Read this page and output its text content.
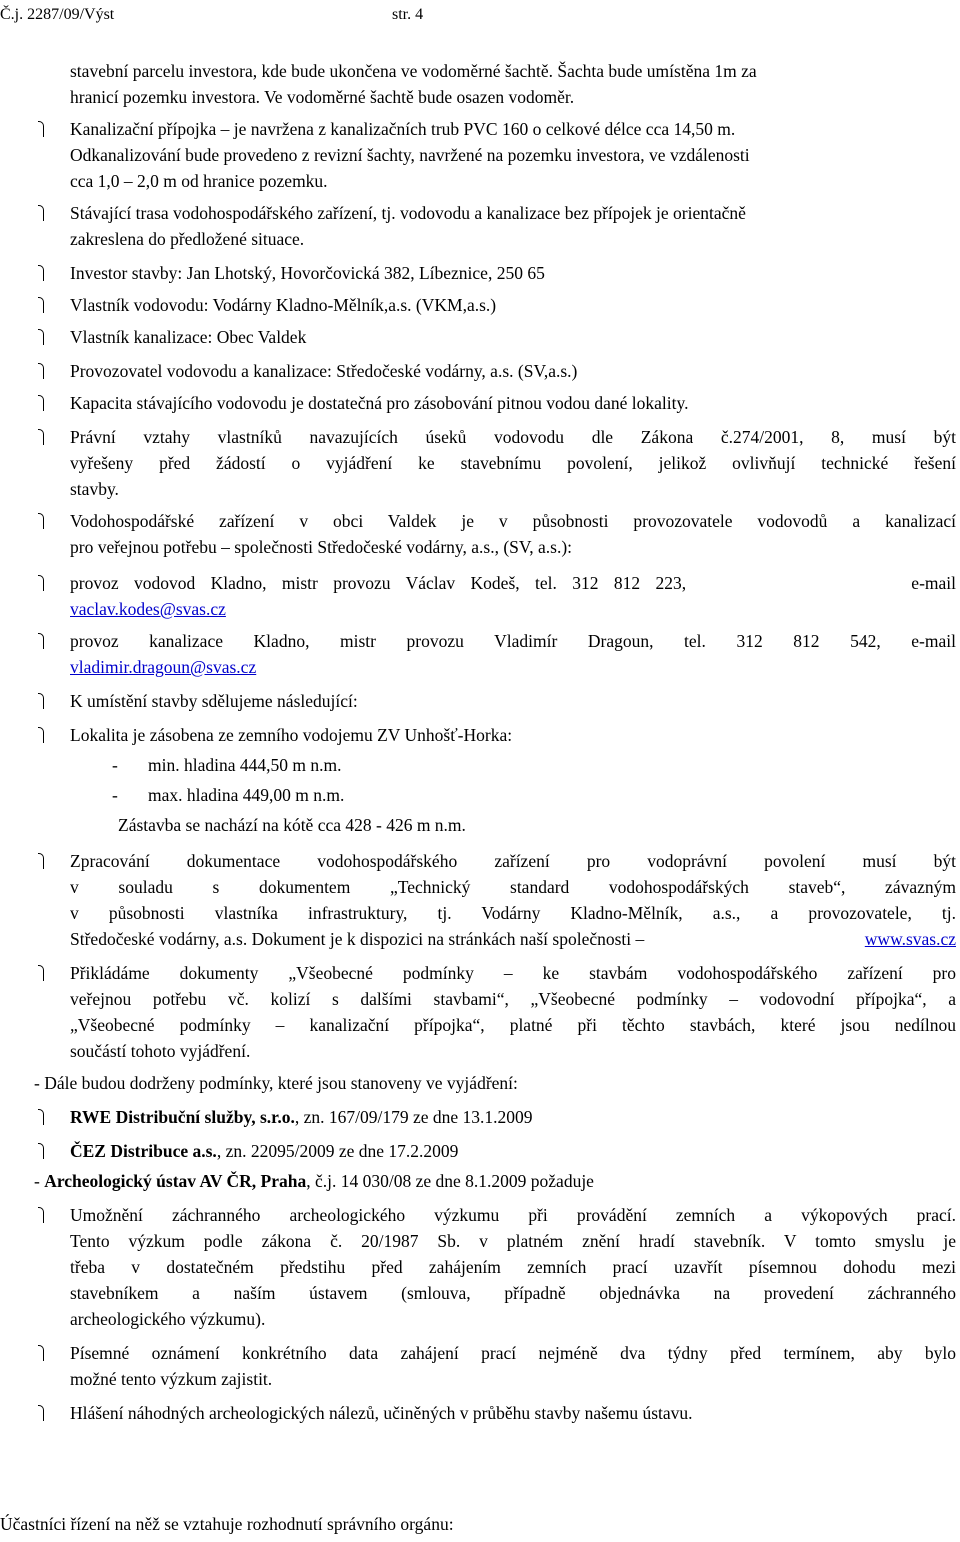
Č.j. 2287/09/Výst	str. 4
stavební parcelu investora, kde bude ukončena ve vodoměrné šachtě. Šachta bude umístěna 1m za
hranicí pozemku investora. Ve vodoměrné šachtě bude osazen vodoměr.
Kanalizační přípojka – je navržena z kanalizačních trub PVC 160 o celkové délce cca 14,50 m.
Odkanalizování bude provedeno z revizní šachty, navržené na pozemku investora, ve vzdálenosti
cca 1,0 – 2,0 m od hranice pozemku.
Stávající trasa vodohospodářského zařízení, tj. vodovodu a kanalizace bez přípojek je orientačně
zakreslena do předložené situace.
Investor stavby: Jan Lhotský, Hovorčovická 382, Líbeznice, 250 65
Vlastník vodovodu: Vodárny Kladno-Mělník,a.s. (VKM,a.s.)
Vlastník kanalizace: Obec Valdek
Provozovatel vodovodu a kanalizace: Středočeské vodárny, a.s. (SV,a.s.)
Kapacita stávajícího vodovodu je dostatečná pro zásobování pitnou vodou dané lokality.
Právní vztahy vlastníků navazujících úseků vodovodu dle Zákona č.274/2001, 8, musí být
vyřešeny před žádostí o vyjádření ke stavebnímu povolení, jelikož ovlivňují technické řešení
stavby.
Vodohospodářské zařízení v obci Valdek je v působnosti provozovatele vodovodů a kanalizací
pro veřejnou potřebu – společnosti Středočeské vodárny, a.s., (SV, a.s.):
provoz vodovod Kladno, mistr provozu Václav Kodeš, tel. 312 812 223,	e-mail
vaclav.kodes@svas.cz
provoz kanalizace Kladno, mistr provozu Vladimír Dragoun, tel. 312 812 542, e-mail
vladimir.dragoun@svas.cz
K umístění stavby sdělujeme následující:
Lokalita je zásobena ze zemního vodojemu ZV Unhošť-Horka:
-	min. hladina 444,50 m n.m.
-	max. hladina 449,00 m n.m.
Zástavba se nachází na kótě cca 428 - 426 m n.m.
Zpracování dokumentace vodohospodářského zařízení pro vodoprávní povolení musí být
v souladu s dokumentem „Technický standard vodohospodářských staveb“, závazným
v působnosti vlastníka infrastruktury, tj. Vodárny Kladno-Mělník, a.s., a provozovatele, tj.
Středočeské vodárny, a.s. Dokument je k dispozici na stránkách naší společnosti –	www.svas.cz
Přikládáme dokumenty „Všeobecné podmínky – ke stavbám vodohospodářského zařízení pro
veřejnou potřebu vč. kolizí s dalšími stavbami“, „Všeobecné podmínky – vodovodní přípojka“, a
„Všeobecné podmínky – kanalizační přípojka“, platné při těchto stavbách, které jsou nedílnou
součástí tohoto vyjádření.
- Dále budou dodrženy podmínky, které jsou stanoveny ve vyjádření:
RWE Distribuční služby, s.r.o., zn. 167/09/179 ze dne 13.1.2009
ČEZ Distribuce a.s., zn. 22095/2009 ze dne 17.2.2009
- Archeologický ústav AV ČR, Praha, č.j. 14 030/08 ze dne 8.1.2009 požaduje
Umožnění záchranného archeologického výzkumu při provádění zemních a výkopových prací.
Tento výzkum podle zákona č. 20/1987 Sb. v platném znění hradí stavebník. V tomto smyslu je
třeba v dostatečném předstihu před zahájením zemních prací uzavřít písemnou dohodu mezi
stavebníkem a naším ústavem (smlouva, případně objednávka na provedení záchranného
archeologického výzkumu).
Písemné oznámení konkrétního data zahájení prací nejméně dva týdny před termínem, aby bylo
možné tento výzkum zajistit.
Hlášení náhodných archeologických nálezů, učiněných v průběhu stavby našemu ústavu.
Účastníci řízení na něž se vztahuje rozhodnutí správního orgánu:
